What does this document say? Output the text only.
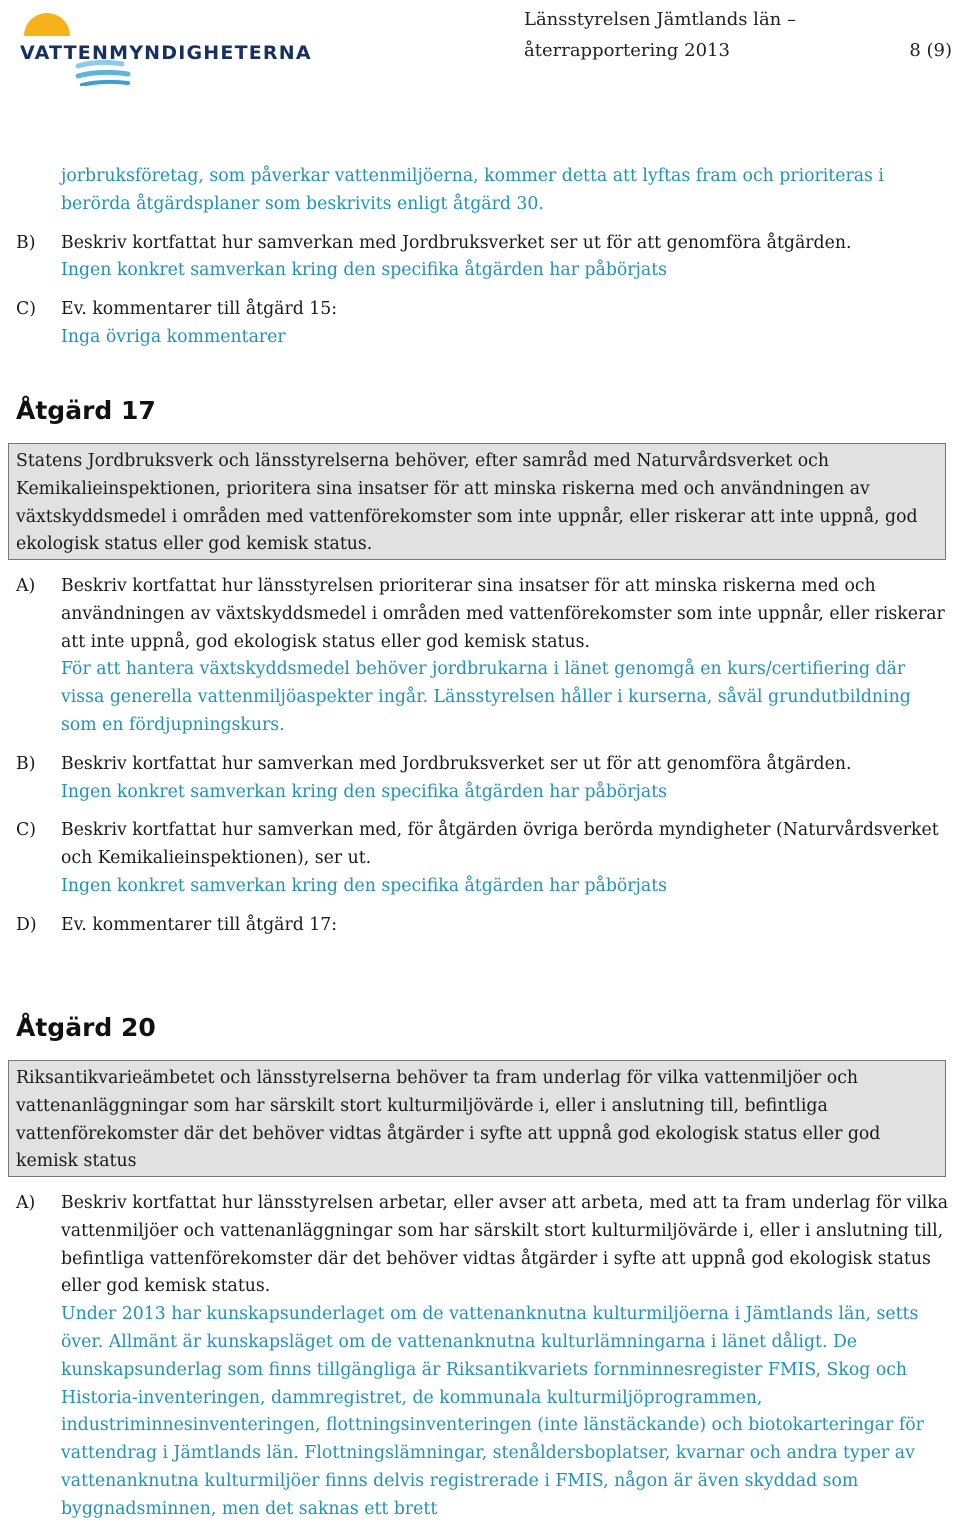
VATTENMYNDIGHETERNA
Länsstyrelsen Jämtlands län –
återrapportering 2013	8 (9)

jorbruksföretag, som påverkar vattenmiljöerna, kommer detta att lyftas fram och prioriteras i berörda åtgärdsplaner som beskrivits enligt åtgärd 30.

B) Beskriv kortfattat hur samverkan med Jordbruksverket ser ut för att genomföra åtgärden.

Ingen konkret samverkan kring den specifika åtgärden har påbörjats

C) Ev. kommentarer till åtgärd 15:

Inga övriga kommentarer

Åtgärd 17

Statens Jordbruksverk och länsstyrelserna behöver, efter samråd med Naturvårdsverket och Kemikalieinspektionen, prioritera sina insatser för att minska riskerna med och användningen av växtskyddsmedel i områden med vattenförekomster som inte uppnår, eller riskerar att inte uppnå, god ekologisk status eller god kemisk status.

A) Beskriv kortfattat hur länsstyrelsen prioriterar sina insatser för att minska riskerna med och användningen av växtskyddsmedel i områden med vattenförekomster som inte uppnår, eller riskerar att inte uppnå, god ekologisk status eller god kemisk status.

För att hantera växtskyddsmedel behöver jordbrukarna i länet genomgå en kurs/certifiering där vissa generella vattenmiljöaspekter ingår. Länsstyrelsen håller i kurserna, såväl grundutbildning som en fördjupningskurs.

B) Beskriv kortfattat hur samverkan med Jordbruksverket ser ut för att genomföra åtgärden.

Ingen konkret samverkan kring den specifika åtgärden har påbörjats

C) Beskriv kortfattat hur samverkan med, för åtgärden övriga berörda myndigheter (Naturvårdsverket och Kemikalieinspektionen), ser ut.

Ingen konkret samverkan kring den specifika åtgärden har påbörjats

D) Ev. kommentarer till åtgärd 17:

Åtgärd 20

Riksantikvarieämbetet och länsstyrelserna behöver ta fram underlag för vilka vattenmiljöer och vattenanläggningar som har särskilt stort kulturmiljövärde i, eller i anslutning till, befintliga vattenförekomster där det behöver vidtas åtgärder i syfte att uppnå god ekologisk status eller god kemisk status

A) Beskriv kortfattat hur länsstyrelsen arbetar, eller avser att arbeta, med att ta fram underlag för vilka vattenmiljöer och vattenanläggningar som har särskilt stort kulturmiljövärde i, eller i anslutning till, befintliga vattenförekomster där det behöver vidtas åtgärder i syfte att uppnå god ekologisk status eller god kemisk status.

Under 2013 har kunskapsunderlaget om de vattenanknutna kulturmiljöerna i Jämtlands län, setts över. Allmänt är kunskapsläget om de vattenanknutna kulturlämningarna i länet dåligt. De kunskapsunderlag som finns tillgängliga är Riksantikvariets fornminnesregister FMIS, Skog och Historia-inventeringen, dammregistret, de kommunala kulturmiljöprogrammen, industriminnesinventeringen, flottningsinventeringen (inte länstäckande) och biotokarteringar för vattendrag i Jämtlands län. Flottningslämningar, stenåldersboplatser, kvarnar och andra typer av vattenanknutna kulturmiljöer finns delvis registrerade i FMIS, någon är även skyddad som byggnadsminnen, men det saknas ett brett
